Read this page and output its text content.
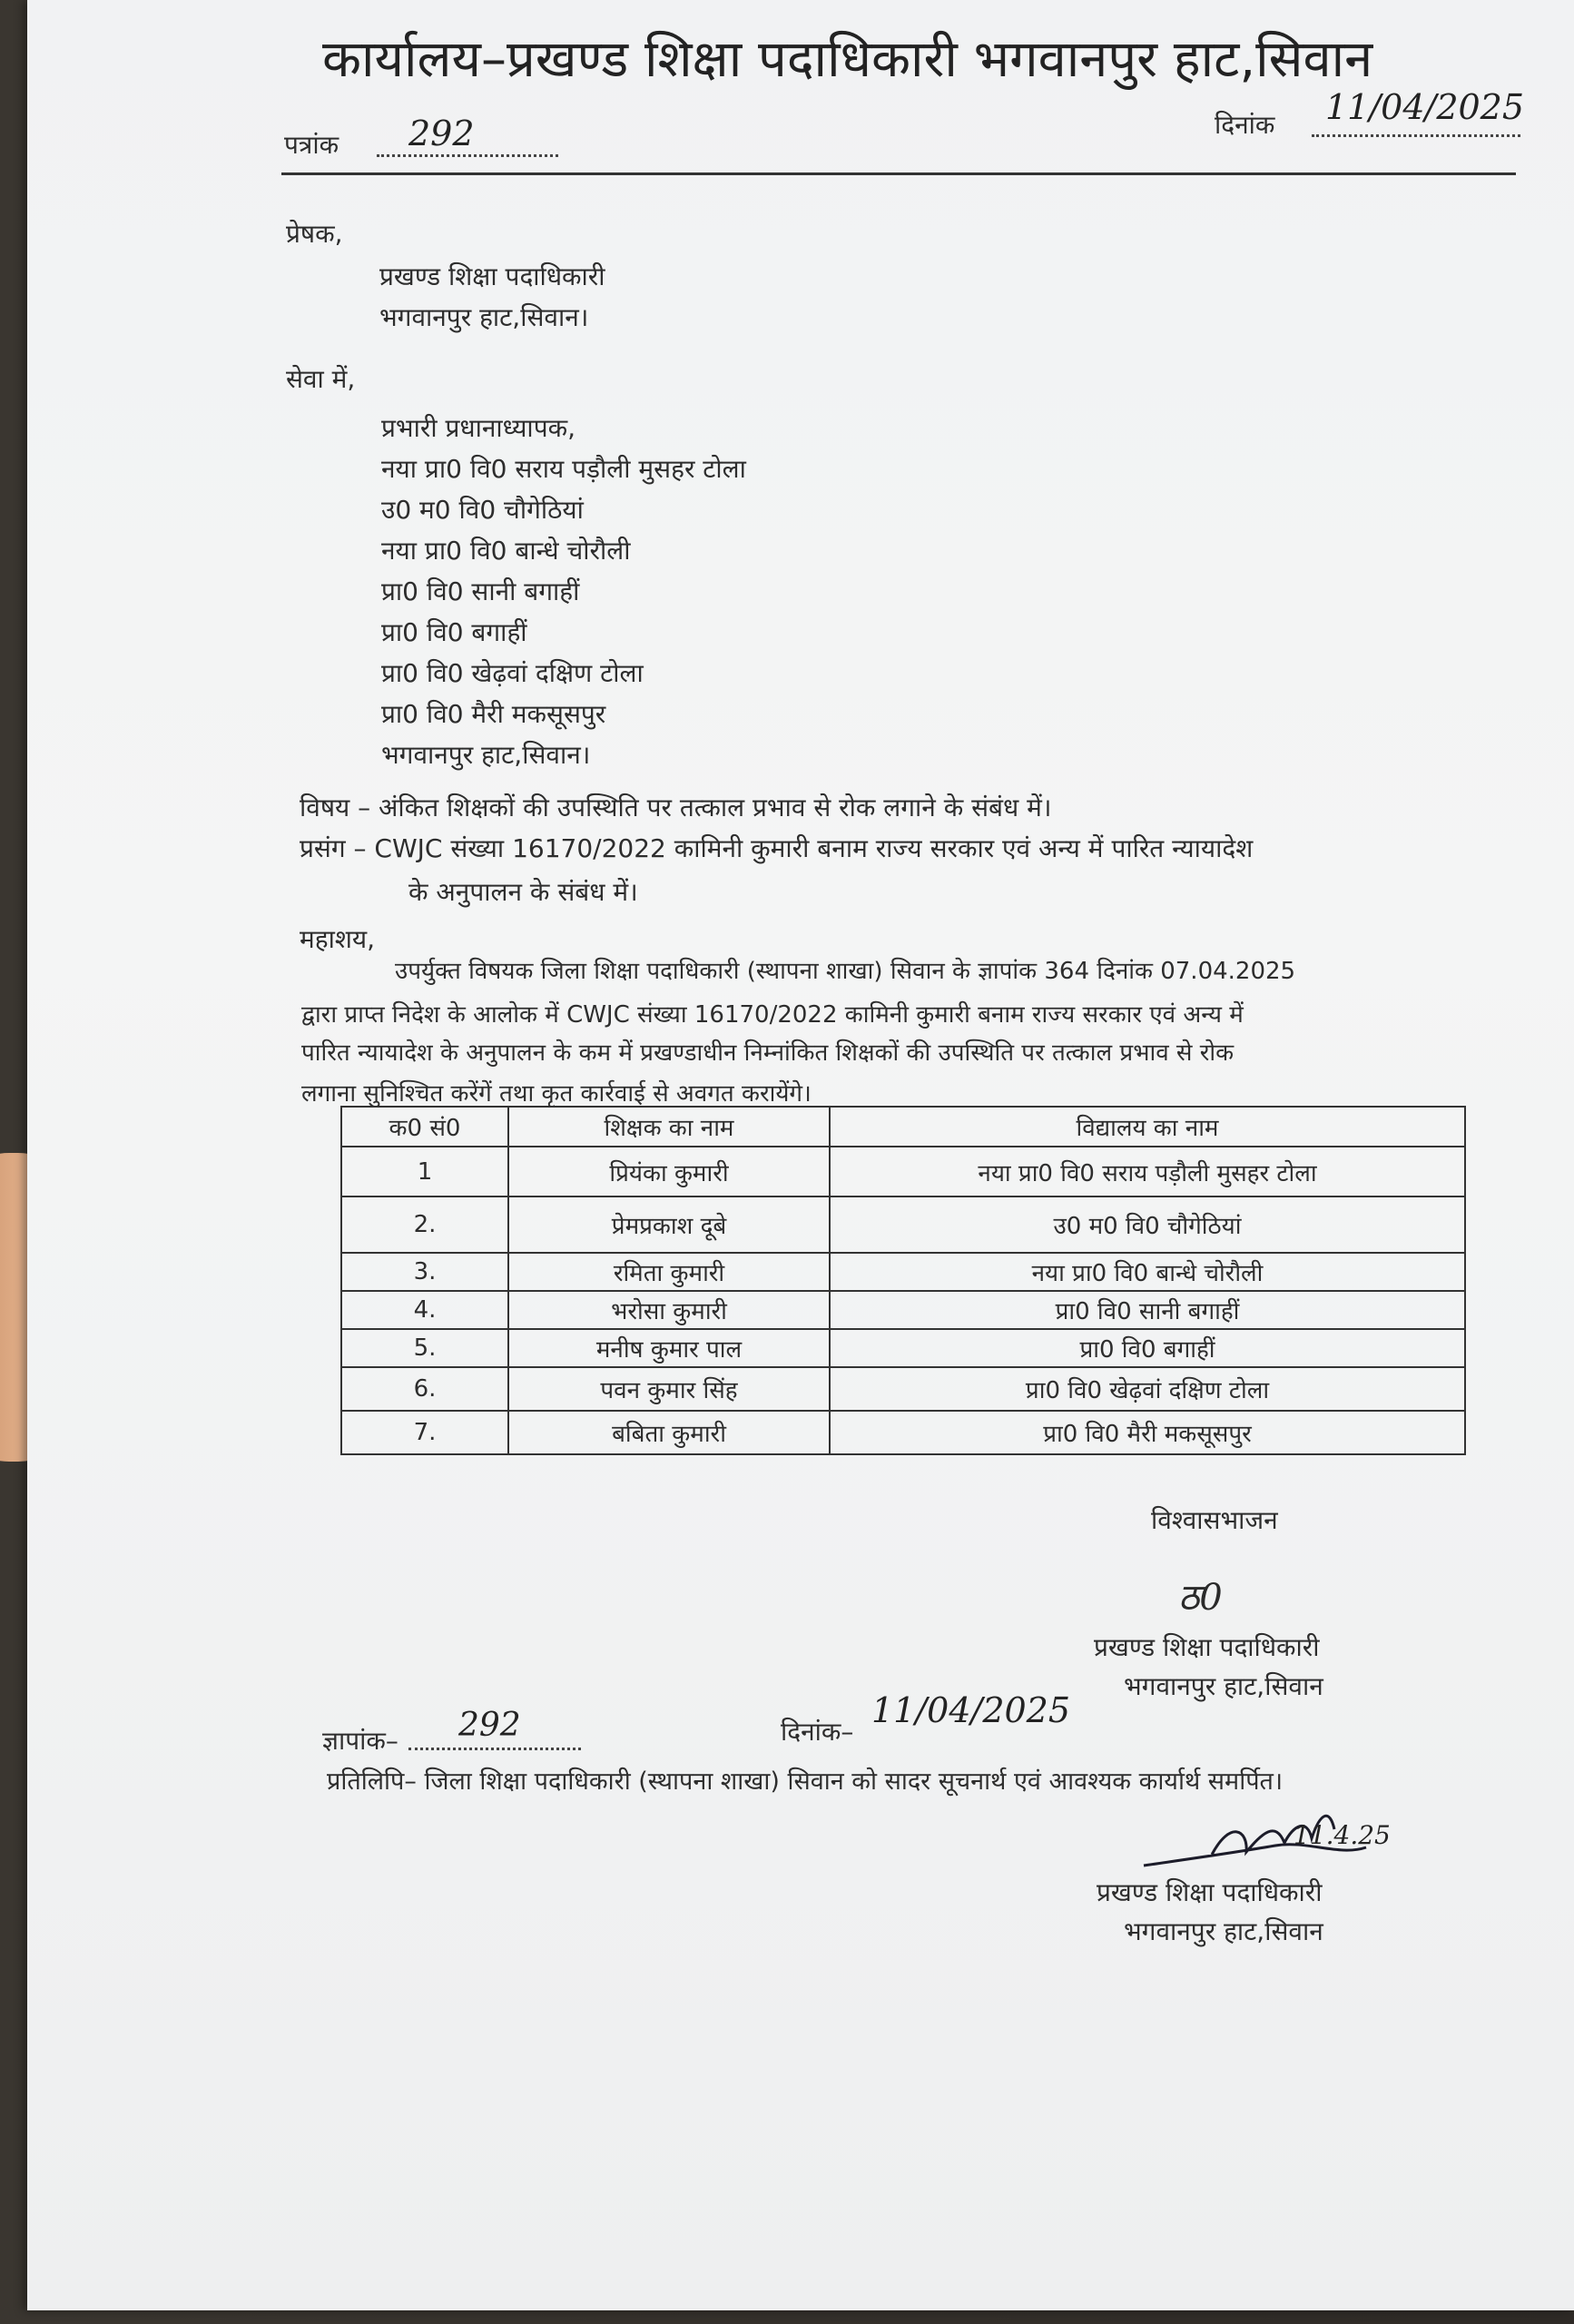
कार्यालय–प्रखण्ड शिक्षा पदाधिकारी भगवानपुर हाट,सिवान
पत्रांक 292	दिनांक 11/04/2025
प्रेषक,
प्रखण्ड शिक्षा पदाधिकारी
भगवानपुर हाट,सिवान।
सेवा में,
प्रभारी प्रधानाध्यापक,
नया प्रा0 वि0 सराय पड़ौली मुसहर टोला
उ0 म0 वि0 चौगेठियां
नया प्रा0 वि0 बान्धे चोरौली
प्रा0 वि0 सानी बगाहीं
प्रा0 वि0 बगाहीं
प्रा0 वि0 खेढ़वां दक्षिण टोला
प्रा0 वि0 मैरी मकसूसपुर
भगवानपुर हाट,सिवान।
विषय – अंकित शिक्षकों की उपस्थिति पर तत्काल प्रभाव से रोक लगाने के संबंध में।
प्रसंग – CWJC संख्या 16170/2022 कामिनी कुमारी बनाम राज्य सरकार एवं अन्य में पारित न्यायादेश
के अनुपालन के संबंध में।
महाशय,
उपर्युक्त विषयक जिला शिक्षा पदाधिकारी (स्थापना शाखा) सिवान के ज्ञापांक 364 दिनांक 07.04.2025
द्वारा प्राप्त निदेश के आलोक में CWJC संख्या 16170/2022 कामिनी कुमारी बनाम राज्य सरकार एवं अन्य में
पारित न्यायादेश के अनुपालन के कम में प्रखण्डाधीन निम्नांकित शिक्षकों की उपस्थिति पर तत्काल प्रभाव से रोक
लगाना सुनिश्चित करेंगें तथा कृत कार्रवाई से अवगत करायेंगे।
क0 सं0	शिक्षक का नाम	विद्यालय का नाम
1	प्रियंका कुमारी	नया प्रा0 वि0 सराय पड़ौली मुसहर टोला
2.	प्रेमप्रकाश दूबे	उ0 म0 वि0 चौगेठियां
3.	रमिता कुमारी	नया प्रा0 वि0 बान्धे चोरौली
4.	भरोसा कुमारी	प्रा0 वि0 सानी बगाहीं
5.	मनीष कुमार पाल	प्रा0 वि0 बगाहीं
6.	पवन कुमार सिंह	प्रा0 वि0 खेढ़वां दक्षिण टोला
7.	बबिता कुमारी	प्रा0 वि0 मैरी मकसूसपुर
विश्वासभाजन
ठ0
प्रखण्ड शिक्षा पदाधिकारी
भगवानपुर हाट,सिवान
ज्ञापांक– 292	दिनांक–
11/04/2025
प्रतिलिपि– जिला शिक्षा पदाधिकारी (स्थापना शाखा) सिवान को सादर सूचनार्थ एवं आवश्यक कार्यार्थ समर्पित।
11.4.25
प्रखण्ड शिक्षा पदाधिकारी
भगवानपुर हाट,सिवान
